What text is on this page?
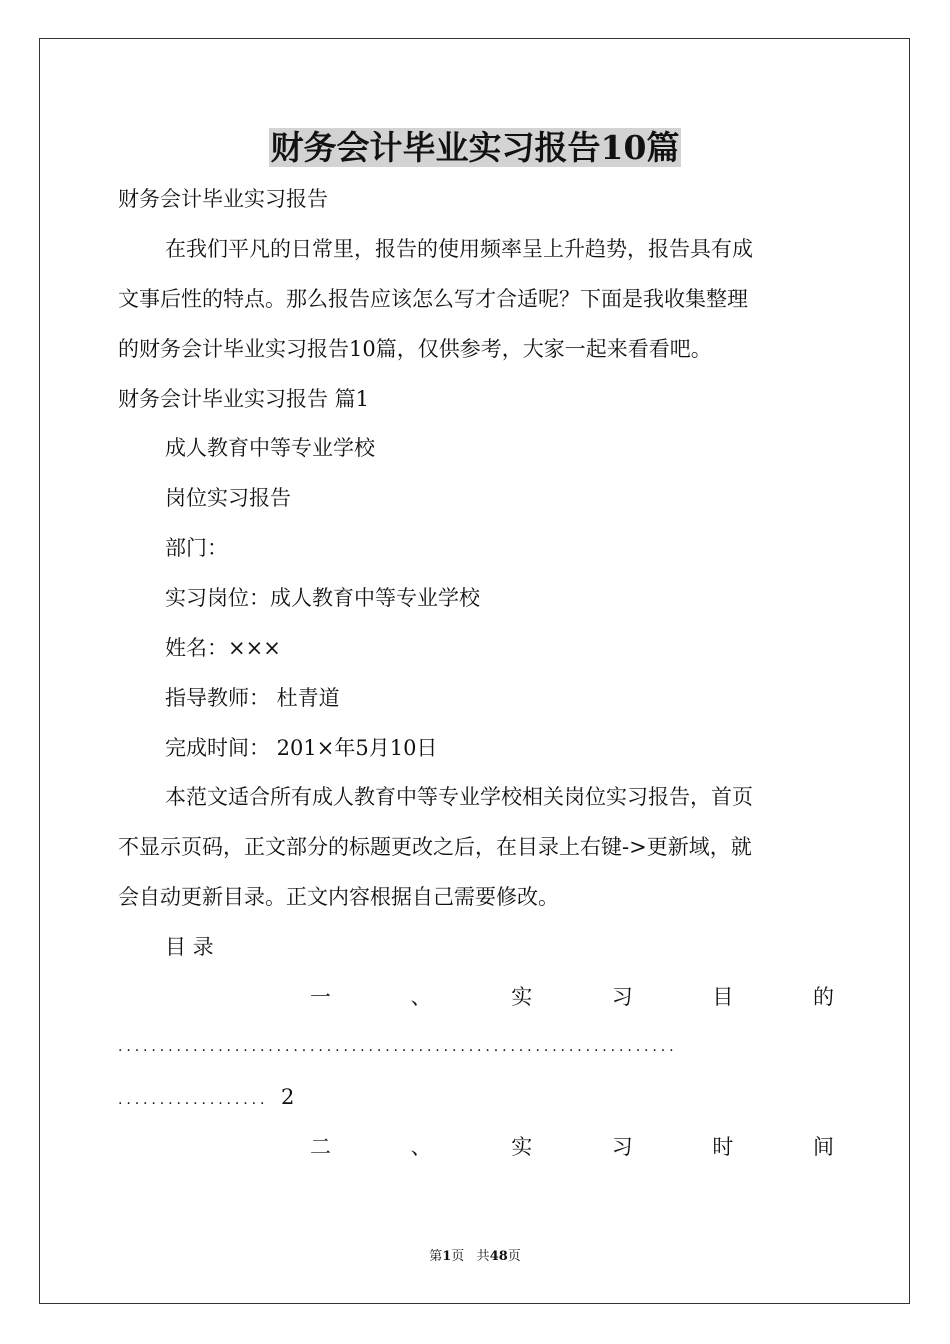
财务会计毕业实习报告10篇

财务会计毕业实习报告

在我们平凡的日常里，报告的使用频率呈上升趋势，报告具有成

文事后性的特点。那么报告应该怎么写才合适呢？下面是我收集整理

的财务会计毕业实习报告10篇，仅供参考，大家一起来看看吧。

财务会计毕业实习报告 篇1

成人教育中等专业学校

岗位实习报告

部门：

实习岗位：成人教育中等专业学校

姓名：×××

指导教师： 杜青道

完成时间： 201×年5月10日

本范文适合所有成人教育中等专业学校相关岗位实习报告，首页

不显示页码，正文部分的标题更改之后，在目录上右键->更新域，就

会自动更新目录。正文内容根据自己需要修改。

目 录

一	、	实	习	目	的
...................................................................
.................. 2
二	、	实	习	时	间
第1页 共48页
